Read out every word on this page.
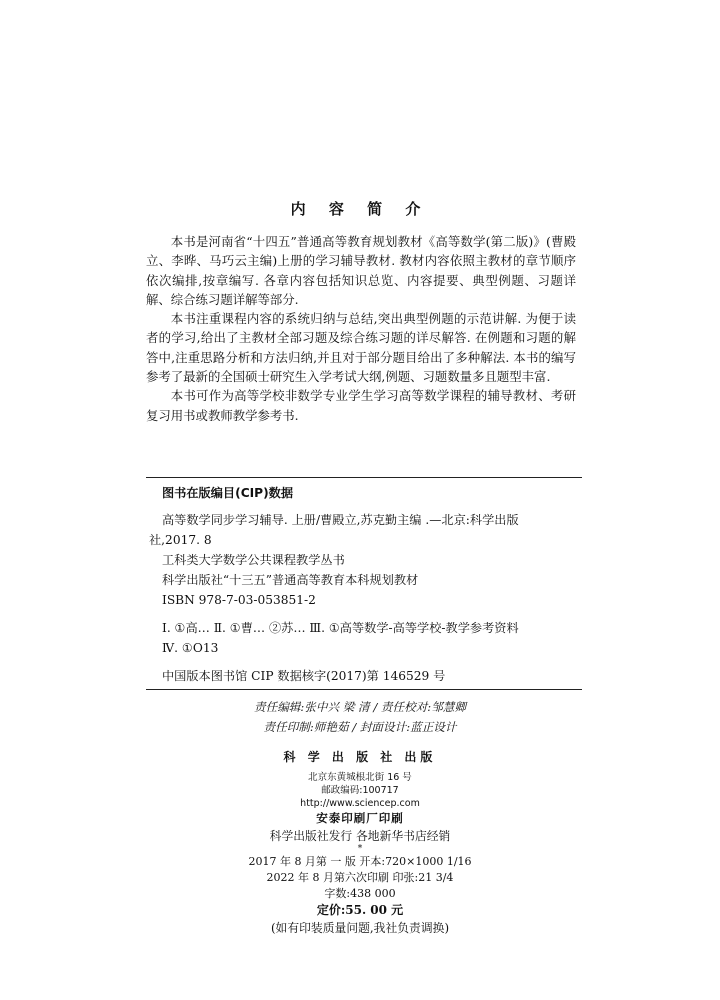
内 容 简 介

本书是河南省“十四五”普通高等教育规划教材《高等数学(第二版)》(曹殿立、李晔、马巧云主编)上册的学习辅导教材. 教材内容依照主教材的章节顺序依次编排,按章编写. 各章内容包括知识总览、内容提要、典型例题、习题详解、综合练习题详解等部分.

本书注重课程内容的系统归纳与总结,突出典型例题的示范讲解. 为便于读者的学习,给出了主教材全部习题及综合练习题的详尽解答. 在例题和习题的解答中,注重思路分析和方法归纳,并且对于部分题目给出了多种解法. 本书的编写参考了最新的全国硕士研究生入学考试大纲,例题、习题数量多且题型丰富.

本书可作为高等学校非数学专业学生学习高等数学课程的辅导教材、考研复习用书或教师教学参考书.

图书在版编目(CIP)数据

高等数学同步学习辅导. 上册/曹殿立,苏克勤主编 .—北京:科学出版

社,2017. 8

工科类大学数学公共课程教学丛书

科学出版社“十三五”普通高等教育本科规划教材

ISBN 978-7-03-053851-2

Ⅰ. ①高… Ⅱ. ①曹… ②苏… Ⅲ. ①高等数学-高等学校-教学参考资料

Ⅳ. ①O13

中国版本图书馆 CIP 数据核字(2017)第 146529 号

责任编辑:张中兴 梁 清 / 责任校对:邹慧卿
责任印制:师艳茹 / 封面设计:蓝正设计
科 学 出 版 社 出版
北京东黄城根北街 16 号
邮政编码:100717
http://www.sciencep.com
安泰印刷厂印刷
科学出版社发行 各地新华书店经销
*
2017 年 8 月第 一 版 开本:720×1000 1/16
2022 年 8 月第六次印刷 印张:21 3/4
字数:438 000
定价:55. 00 元
(如有印装质量问题,我社负责调换)
